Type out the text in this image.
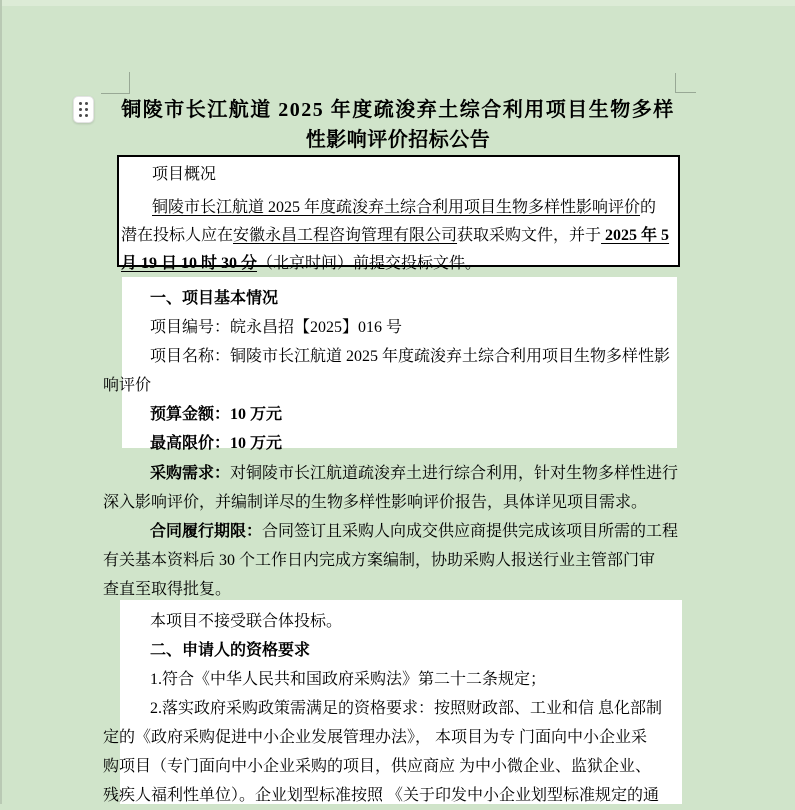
铜陵市长江航道 2025 年度疏浚弃土综合利用项目生物多样
性影响评价招标公告
项目概况
铜陵市长江航道 2025 年度疏浚弃土综合利用项目生物多样性影响评价的
潜在投标人应在安徽永昌工程咨询管理有限公司获取采购文件，并于 2025 年 5
月 19 日 10 时 30 分（北京时间）前提交投标文件。
一、项目基本情况
项目编号：皖永昌招【2025】016 号
项目名称：铜陵市长江航道 2025 年度疏浚弃土综合利用项目生物多样性影
响评价
预算金额：10 万元
最高限价：10 万元
采购需求：对铜陵市长江航道疏浚弃土进行综合利用，针对生物多样性进行
深入影响评价，并编制详尽的生物多样性影响评价报告，具体详见项目需求。
合同履行期限：合同签订且采购人向成交供应商提供完成该项目所需的工程
有关基本资料后 30 个工作日内完成方案编制，协助采购人报送行业主管部门审
查直至取得批复。
本项目不接受联合体投标。
二、申请人的资格要求
1.符合《中华人民共和国政府采购法》第二十二条规定；
2.落实政府采购政策需满足的资格要求：按照财政部、工业和信 息化部制
定的《政府采购促进中小企业发展管理办法》， 本项目为专 门面向中小企业采
购项目（专门面向中小企业采购的项目，供应商应 为中小微企业、监狱企业、
残疾人福利性单位）。企业划型标准按照 《关于印发中小企业划型标准规定的通
